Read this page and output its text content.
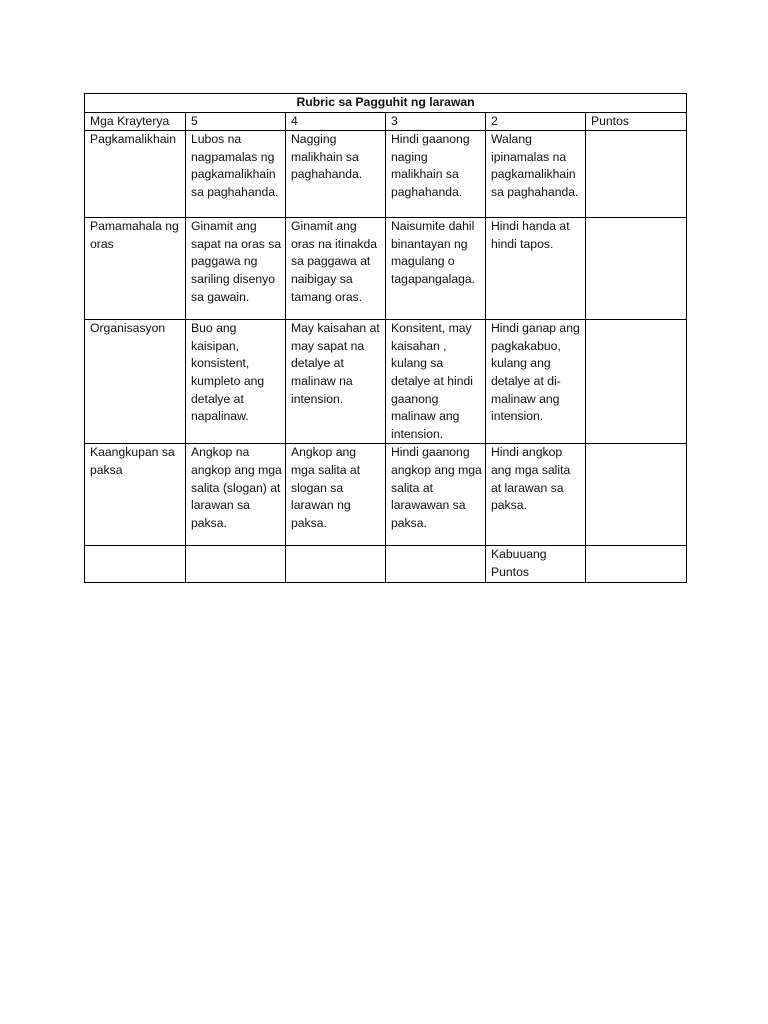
Rubric sa Pagguhit ng larawan					
Mga Krayterya	5	4	3	2	Puntos
Pagkamalikhain	Lubos na nagpamalas ng pagkamalikhain sa paghahanda.	Nagging malikhain sa paghahanda.	Hindi gaanong naging malikhain sa paghahanda.	Walang ipinamalas na pagkamalikhain sa paghahanda.	
Pamamahala ng oras	Ginamit ang sapat na oras sa paggawa ng sariling disenyo sa gawain.	Ginamit ang oras na itinakda sa paggawa at naibigay sa tamang oras.	Naisumite dahil binantayan ng magulang o tagapangalaga.	Hindi handa at hindi tapos.	
Organisasyon	Buo ang kaisipan, konsistent, kumpleto ang detalye at napalinaw.	May kaisahan at may sapat na detalye at malinaw na intension.	Konsitent, may kaisahan , kulang sa detalye at hindi gaanong malinaw ang intension.	Hindi ganap ang pagkakabuo, kulang ang detalye at di-malinaw ang intension.	
Kaangkupan sa paksa	Angkop na angkop ang mga salita (slogan) at larawan sa paksa.	Angkop ang mga salita at slogan sa larawan ng paksa.	Hindi gaanong angkop ang mga salita at larawawan sa paksa.	Hindi angkop ang mga salita at larawan sa paksa.	
				Kabuuang Puntos	
